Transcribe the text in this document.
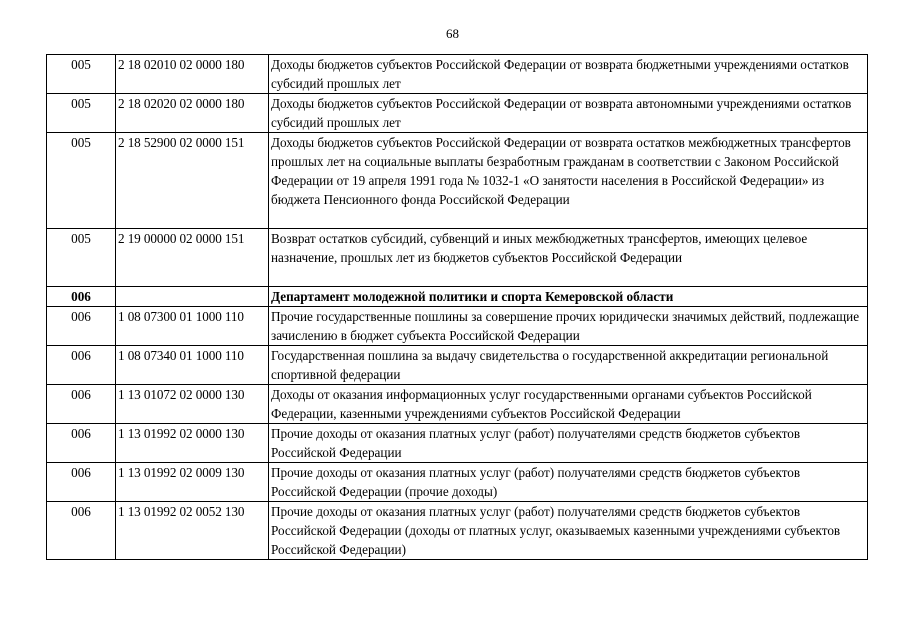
68
005	2 18 02010 02 0000 180	Доходы бюджетов субъектов Российской Федерации от возврата бюджетными учреждениями остатков субсидий прошлых лет
005	2 18 02020 02 0000 180	Доходы бюджетов субъектов Российской Федерации от возврата автономными учреждениями остатков субсидий прошлых лет
005	2 18 52900 02 0000 151	Доходы бюджетов субъектов Российской Федерации от возврата остатков межбюджетных трансфертов прошлых лет на социальные выплаты безработным гражданам в соответствии с Законом Российской Федерации от 19 апреля 1991 года № 1032-1 «О занятости населения в Российской Федерации» из бюджета Пенсионного фонда Российской Федерации
005	2 19 00000 02 0000 151	Возврат остатков субсидий, субвенций и иных межбюджетных трансфертов, имеющих целевое назначение, прошлых лет из бюджетов субъектов Российской Федерации
006		Департамент молодежной политики и спорта Кемеровской области
006	1 08 07300 01 1000 110	Прочие государственные пошлины за совершение прочих юридически значимых действий, подлежащие зачислению в бюджет субъекта Российской Федерации
006	1 08 07340 01 1000 110	Государственная пошлина за выдачу свидетельства о государственной аккредитации региональной спортивной федерации
006	1 13 01072 02 0000 130	Доходы от оказания информационных услуг государственными органами субъектов Российской Федерации, казенными учреждениями субъектов Российской Федерации
006	1 13 01992 02 0000 130	Прочие доходы от оказания платных услуг (работ) получателями средств бюджетов субъектов Российской Федерации
006	1 13 01992 02 0009 130	Прочие доходы от оказания платных услуг (работ) получателями средств бюджетов субъектов Российской Федерации (прочие доходы)
006	1 13 01992 02 0052 130	Прочие доходы от оказания платных услуг (работ) получателями средств бюджетов субъектов Российской Федерации (доходы от платных услуг, оказываемых казенными учреждениями субъектов Российской Федерации)
